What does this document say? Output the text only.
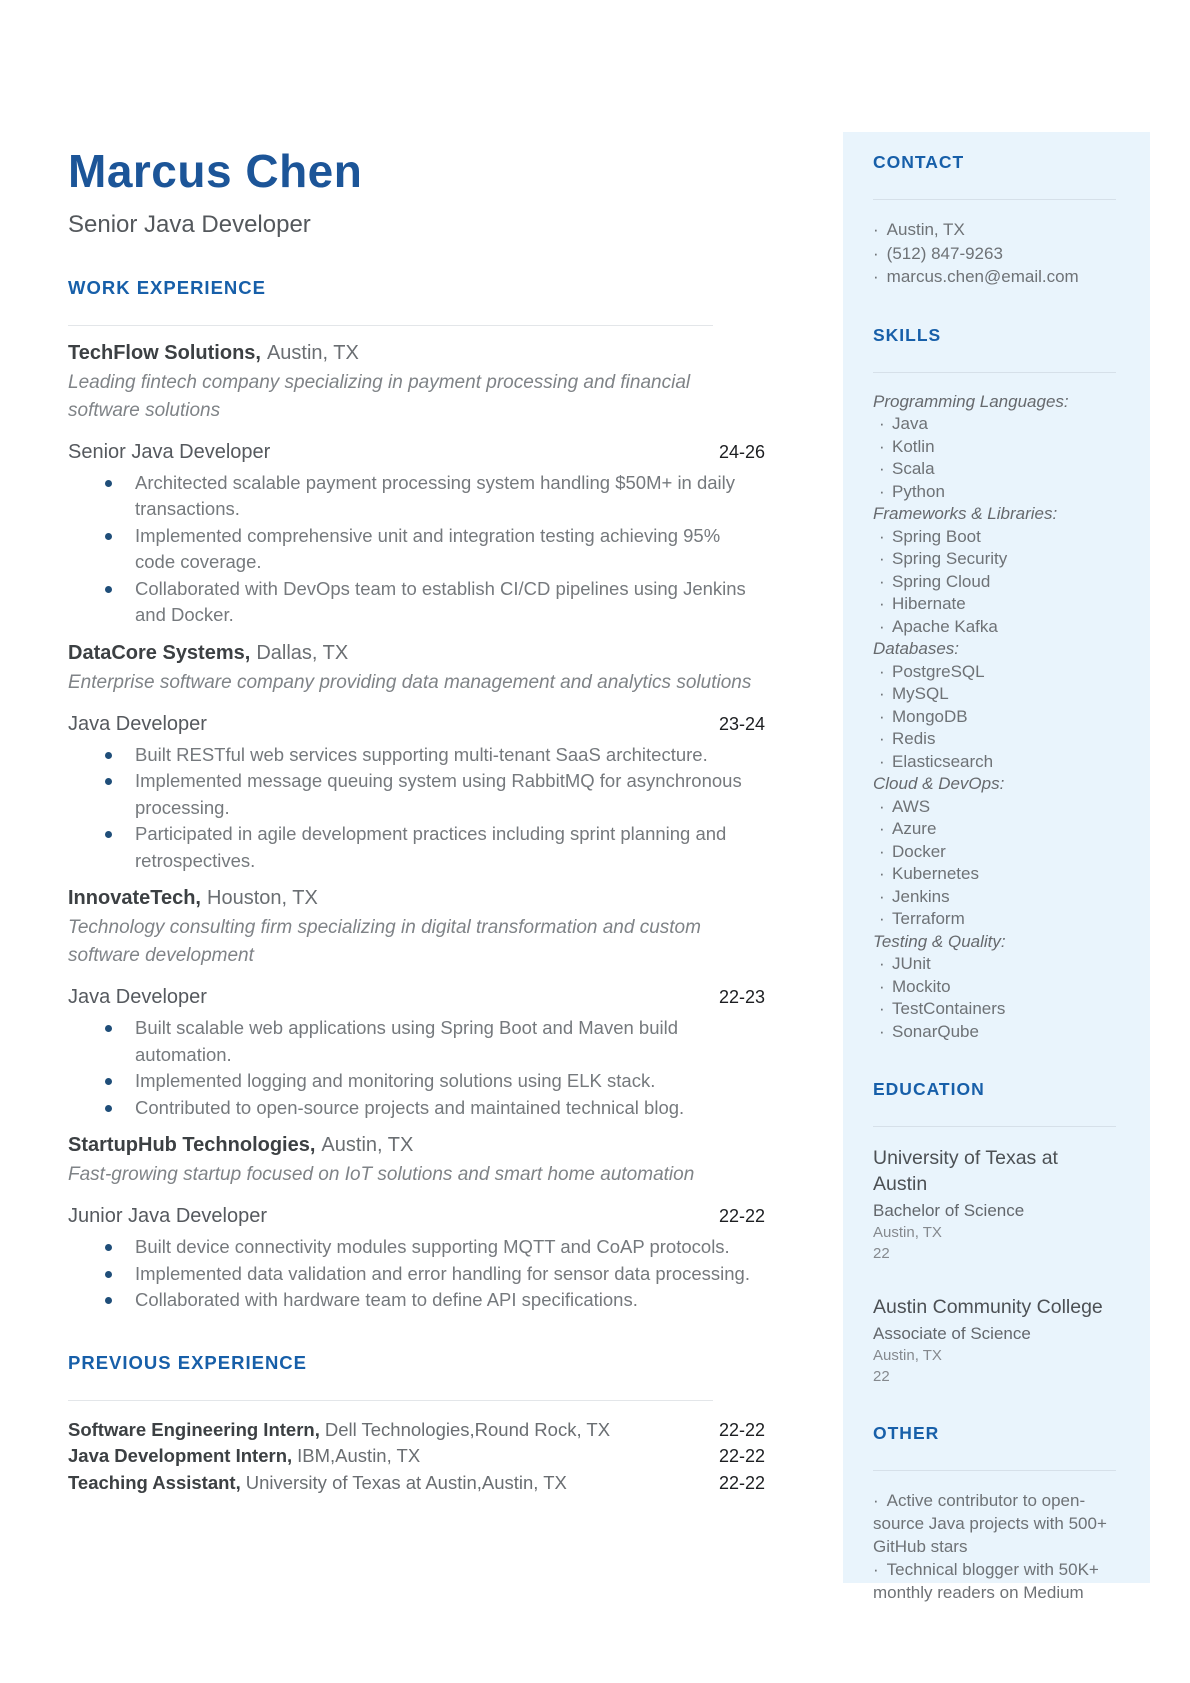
Marcus Chen
Senior Java Developer
WORK EXPERIENCE
TechFlow Solutions, Austin, TX
Leading fintech company specializing in payment processing and financial software solutions
Senior Java Developer	24-26
Architected scalable payment processing system handling $50M+ in daily transactions.
Implemented comprehensive unit and integration testing achieving 95% code coverage.
Collaborated with DevOps team to establish CI/CD pipelines using Jenkins and Docker.
DataCore Systems, Dallas, TX
Enterprise software company providing data management and analytics solutions
Java Developer	23-24
Built RESTful web services supporting multi-tenant SaaS architecture.
Implemented message queuing system using RabbitMQ for asynchronous processing.
Participated in agile development practices including sprint planning and retrospectives.
InnovateTech, Houston, TX
Technology consulting firm specializing in digital transformation and custom software development
Java Developer	22-23
Built scalable web applications using Spring Boot and Maven build automation.
Implemented logging and monitoring solutions using ELK stack.
Contributed to open-source projects and maintained technical blog.
StartupHub Technologies, Austin, TX
Fast-growing startup focused on IoT solutions and smart home automation
Junior Java Developer	22-22
Built device connectivity modules supporting MQTT and CoAP protocols.
Implemented data validation and error handling for sensor data processing.
Collaborated with hardware team to define API specifications.
PREVIOUS EXPERIENCE
Software Engineering Intern, Dell Technologies,Round Rock, TX	22-22
Java Development Intern, IBM,Austin, TX	22-22
Teaching Assistant, University of Texas at Austin,Austin, TX	22-22
CONTACT
· Austin, TX
· (512) 847-9263
· marcus.chen@email.com
SKILLS
Programming Languages:
· Java
· Kotlin
· Scala
· Python
Frameworks & Libraries:
· Spring Boot
· Spring Security
· Spring Cloud
· Hibernate
· Apache Kafka
Databases:
· PostgreSQL
· MySQL
· MongoDB
· Redis
· Elasticsearch
Cloud & DevOps:
· AWS
· Azure
· Docker
· Kubernetes
· Jenkins
· Terraform
Testing & Quality:
· JUnit
· Mockito
· TestContainers
· SonarQube
EDUCATION
University of Texas at Austin
Bachelor of Science
Austin, TX
22
Austin Community College
Associate of Science
Austin, TX
22
OTHER
· Active contributor to open-source Java projects with 500+ GitHub stars
· Technical blogger with 50K+ monthly readers on Medium
